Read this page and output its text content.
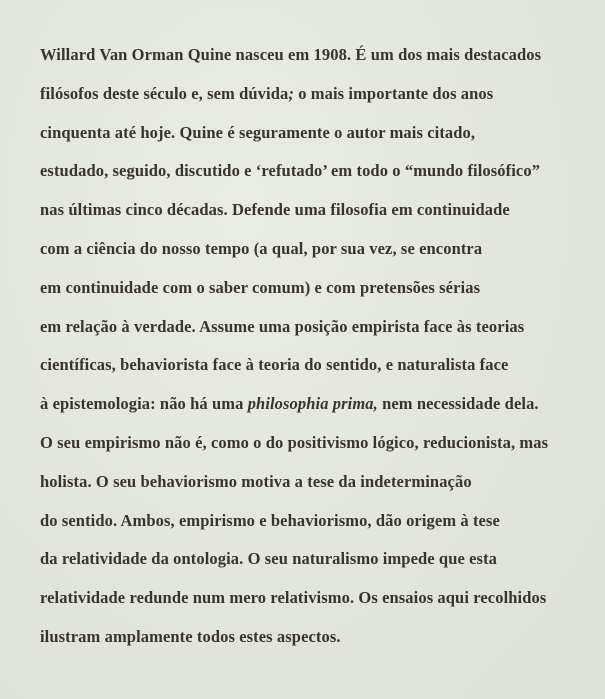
Willard Van Orman Quine nasceu em 1908. É um dos mais destacados
filósofos deste século e, sem dúvida; o mais importante dos anos
cinquenta até hoje. Quine é seguramente o autor mais citado,
estudado, seguido, discutido e ‘refutado’ em todo o “mundo filosófico”
nas últimas cinco décadas. Defende uma filosofia em continuidade
com a ciência do nosso tempo (a qual, por sua vez, se encontra
em continuidade com o saber comum) e com pretensões sérias
em relação à verdade. Assume uma posição empirista face às teorias
científicas, behaviorista face à teoria do sentido, e naturalista face
à epistemologia: não há uma philosophia prima, nem necessidade dela.
O seu empirismo não é, como o do positivismo lógico, reducionista, mas
holista. O seu behaviorismo motiva a tese da indeterminação
do sentido. Ambos, empirismo e behaviorismo, dão origem à tese
da relatividade da ontologia. O seu naturalismo impede que esta
relatividade redunde num mero relativismo. Os ensaios aqui recolhidos
ilustram amplamente todos estes aspectos.
